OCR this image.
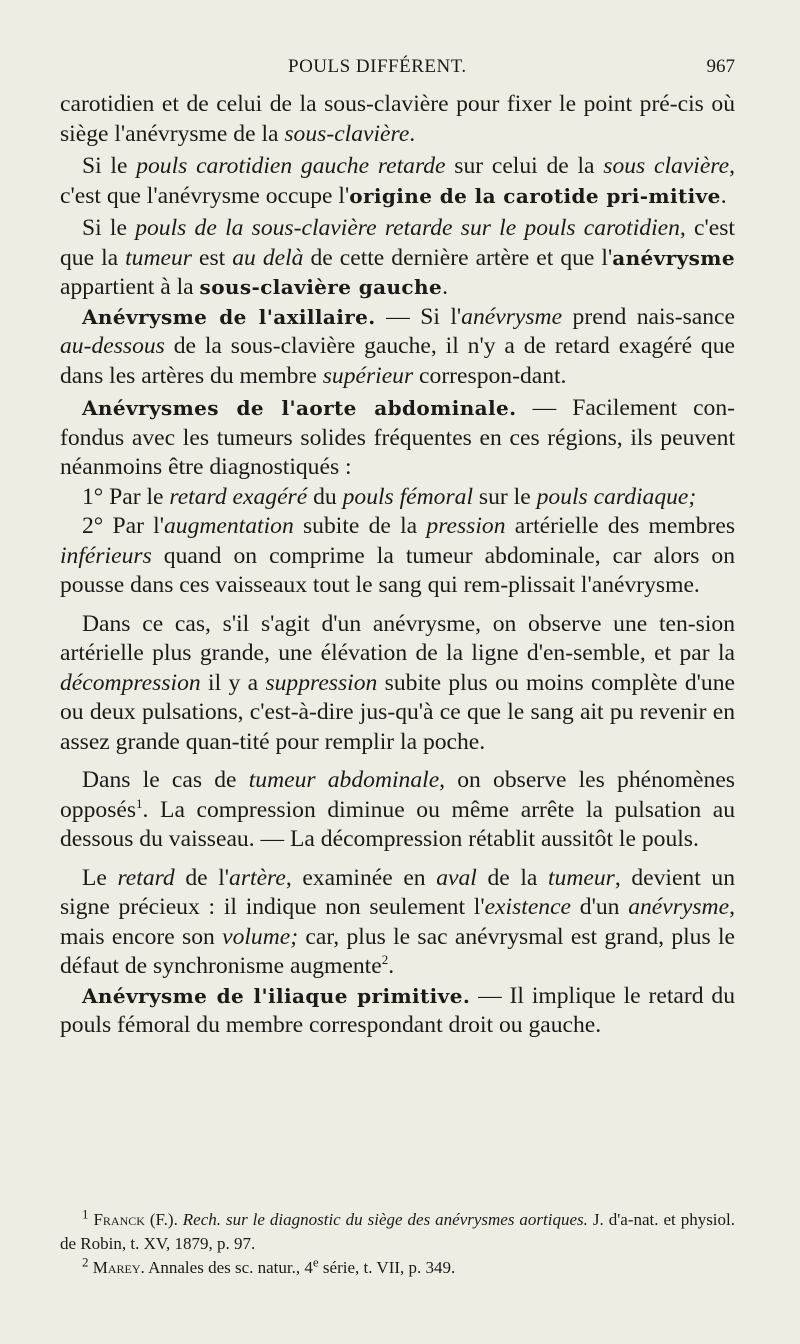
POULS DIFFÉRENT.	967

carotidien et de celui de la sous-clavière pour fixer le point pré-cis où siège l'anévrysme de la sous-clavière.

Si le pouls carotidien gauche retarde sur celui de la sous clavière, c'est que l'anévrysme occupe l'origine de la carotide pri-mitive.

Si le pouls de la sous-clavière retarde sur le pouls carotidien, c'est que la tumeur est au delà de cette dernière artère et que l'anévrysme appartient à la sous-clavière gauche.

Anévrysme de l'axillaire. — Si l'anévrysme prend nais-sance au-dessous de la sous-clavière gauche, il n'y a de retard exagéré que dans les artères du membre supérieur correspon-dant.

Anévrysmes de l'aorte abdominale. — Facilement con-fondus avec les tumeurs solides fréquentes en ces régions, ils peuvent néanmoins être diagnostiqués :

1° Par le retard exagéré du pouls fémoral sur le pouls cardiaque;

2° Par l'augmentation subite de la pression artérielle des membres inférieurs quand on comprime la tumeur abdominale, car alors on pousse dans ces vaisseaux tout le sang qui rem-plissait l'anévrysme.

Dans ce cas, s'il s'agit d'un anévrysme, on observe une ten-sion artérielle plus grande, une élévation de la ligne d'en-semble, et par la décompression il y a suppression subite plus ou moins complète d'une ou deux pulsations, c'est-à-dire jus-qu'à ce que le sang ait pu revenir en assez grande quan-tité pour remplir la poche.

Dans le cas de tumeur abdominale, on observe les phénomènes opposés$^1$. La compression diminue ou même arrête la pulsation au dessous du vaisseau. — La décompression rétablit aussitôt le pouls.

Le retard de l'artère, examinée en aval de la tumeur, devient un signe précieux : il indique non seulement l'existence d'un anévrysme, mais encore son volume; car, plus le sac anévrysmal est grand, plus le défaut de synchronisme augmente$^2$.

Anévrysme de l'iliaque primitive. — Il implique le retard du pouls fémoral du membre correspondant droit ou gauche.

$^1$ Franck (F.). Rech. sur le diagnostic du siège des anévrysmes aortiques. J. d'a-nat. et physiol. de Robin, t. XV, 1879, p. 97.

$^2$ Marey. Annales des sc. natur., 4e série, t. VII, p. 349.
